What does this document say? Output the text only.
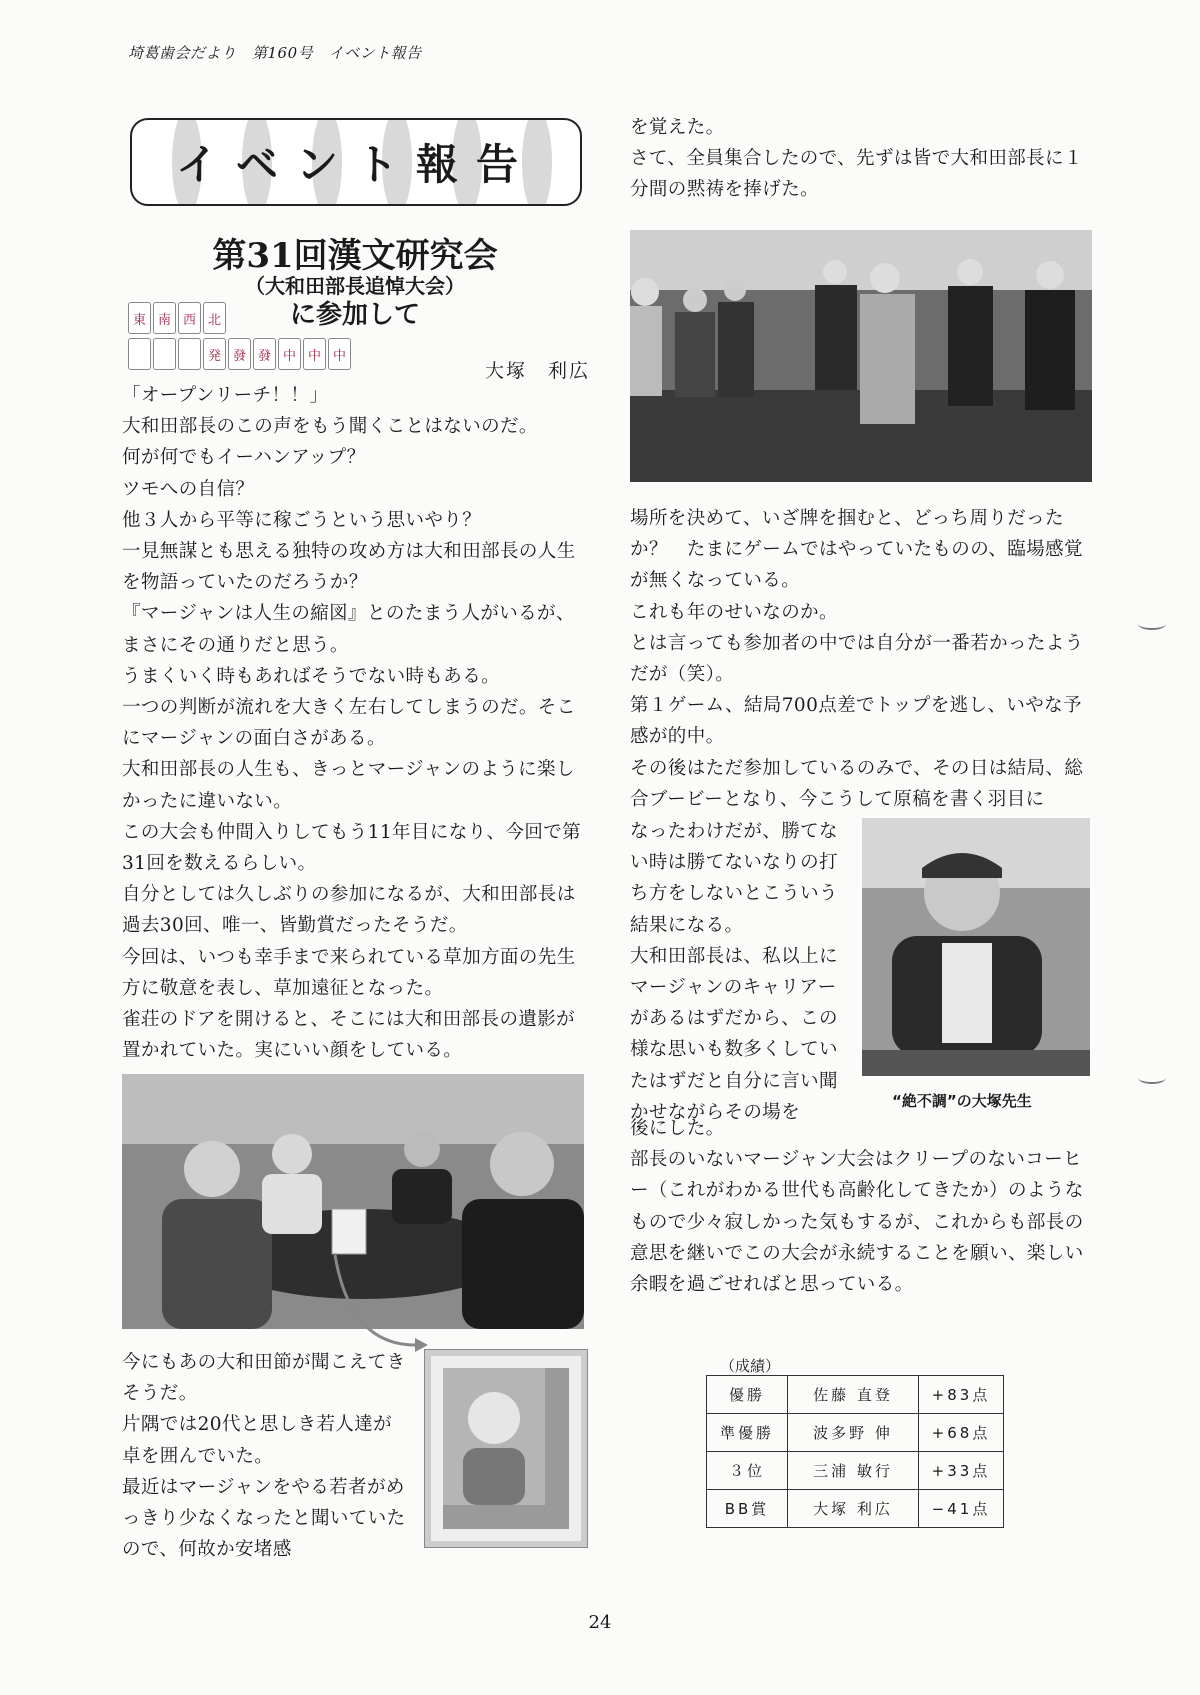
埼葛歯会だより　第160号　イベント報告
イベント報告
第31回漢文研究会
（大和田部長追悼大会）
に参加して
東 南 西 北
発 發 發 中 中 中
大塚　利広

「オープンリーチ！！」

大和田部長のこの声をもう聞くことはないのだ。

何が何でもイーハンアップ？

ツモへの自信？

他３人から平等に稼ごうという思いやり？

一見無謀とも思える独特の攻め方は大和田部長の人生を物語っていたのだろうか？

『マージャンは人生の縮図』とのたまう人がいるが、まさにその通りだと思う。

うまくいく時もあればそうでない時もある。

一つの判断が流れを大きく左右してしまうのだ。そこにマージャンの面白さがある。

大和田部長の人生も、きっとマージャンのように楽しかったに違いない。

この大会も仲間入りしてもう11年目になり、今回で第31回を数えるらしい。

自分としては久しぶりの参加になるが、大和田部長は過去30回、唯一、皆勤賞だったそうだ。

今回は、いつも幸手まで来られている草加方面の先生方に敬意を表し、草加遠征となった。

雀荘のドアを開けると、そこには大和田部長の遺影が置かれていた。実にいい顔をしている。

今にもあの大和田節が聞こえてきそうだ。

片隅では20代と思しき若人達が卓を囲んでいた。

最近はマージャンをやる若者がめっきり少なくなったと聞いていたので、何故か安堵感

を覚えた。

さて、全員集合したので、先ずは皆で大和田部長に１分間の黙祷を捧げた。

場所を決めて、いざ牌を掴むと、どっち周りだったか？　たまにゲームではやっていたものの、臨場感覚が無くなっている。

これも年のせいなのか。

とは言っても参加者の中では自分が一番若かったようだが（笑）。

第１ゲーム、結局700点差でトップを逃し、いやな予感が的中。

その後はただ参加しているのみで、その日は結局、総合ブービーとなり、今こうして原稿を書く羽目に

なったわけだが、勝てない時は勝てないなりの打ち方をしないとこういう結果になる。

大和田部長は、私以上にマージャンのキャリアーがあるはずだから、この様な思いも数多くしていたはずだと自分に言い聞かせながらその場を

“絶不調”の大塚先生

後にした。

部長のいないマージャン大会はクリープのないコーヒー（これがわかる世代も高齢化してきたか）のようなもので少々寂しかった気もするが、これからも部長の意思を継いでこの大会が永続することを願い、楽しい余暇を過ごせればと思っている。

（成績）
優勝	佐藤 直登	+83点
準優勝	波多野 伸	+68点
３位	三浦 敏行	+33点
BB賞	大塚 利広	−41点
24
